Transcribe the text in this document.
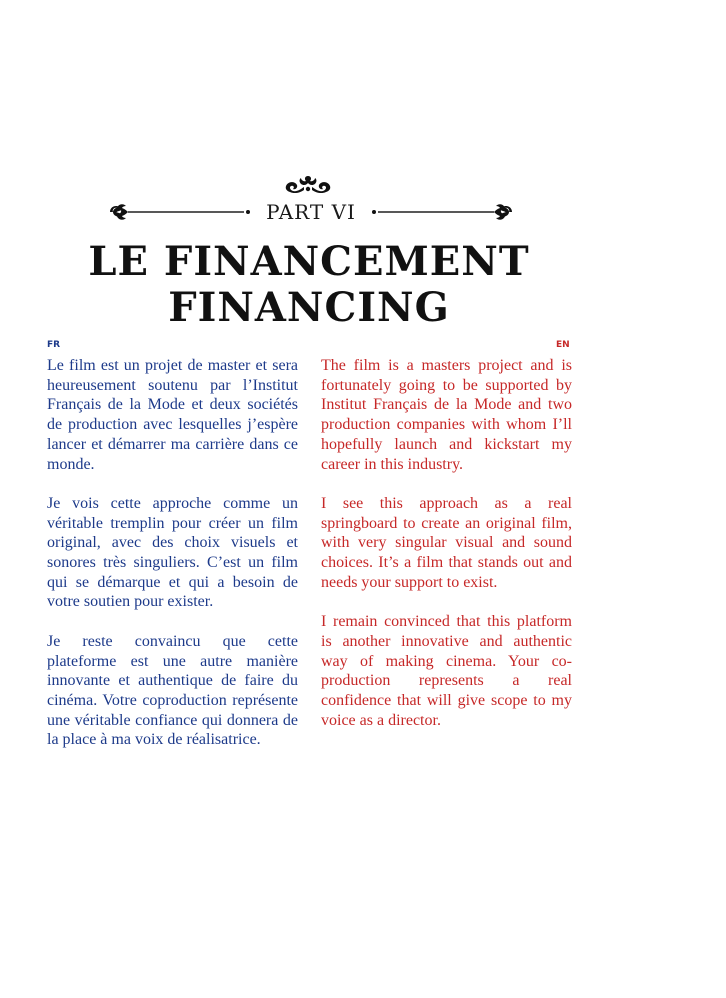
PART VI
LE FINANCEMENT
FINANCING
FR	EN

Le film est un projet de master et sera heureusement soutenu par l’Institut Français de la Mode et deux sociétés de production avec lesquelles j’espère lancer et démarrer ma carrière dans ce monde.

Je vois cette approche comme un véritable tremplin pour créer un film original, avec des choix visuels et sonores très singuliers. C’est un film qui se démarque et qui a besoin de votre soutien pour exister.

Je reste convaincu que cette plateforme est une autre manière innovante et authentique de faire du cinéma. Votre coproduction représente une véritable confiance qui donnera de la place à ma voix de réalisatrice.

The film is a masters project and is fortunately going to be supported by Institut Français de la Mode and two production companies with whom I’ll hopefully launch and kickstart my career in this industry.

I see this approach as a real springboard to create an original film, with very singular visual and sound choices. It’s a film that stands out and needs your support to exist.

I remain convinced that this platform is another innovative and authentic way of making cinema. Your co-production represents a real confidence that will give scope to my voice as a director.
